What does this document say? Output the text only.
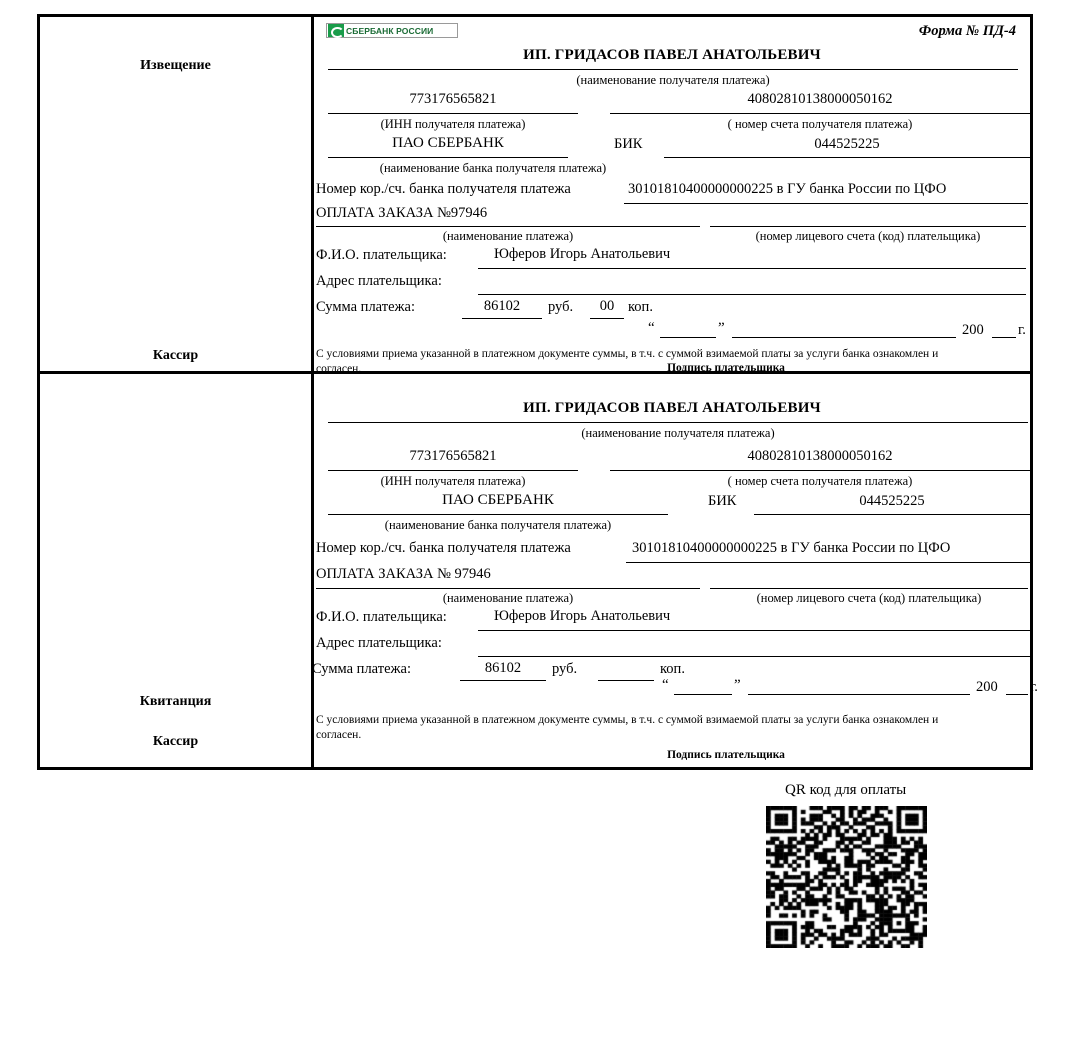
Извещение
Кассир
СБЕРБАНК РОССИИ	Форма № ПД-4
ИП. ГРИДАСОВ ПАВЕЛ АНАТОЛЬЕВИЧ
(наименование получателя платежа)
773176565821
(ИНН получателя платежа)
40802810138000050162
( номер счета получателя платежа)
ПАО СБЕРБАНК
(наименование банка получателя платежа)
БИК	044525225
Номер кор./сч. банка получателя платежа	30101810400000000225 в ГУ банка России по ЦФО
ОПЛАТА ЗАКАЗА №97946
(наименование платежа)	(номер лицевого счета (код) плательщика)
Ф.И.О. плательщика:	Юферов Игорь Анатольевич
Адрес плательщика:
Сумма платежа:	86102	руб.	00 коп.
“	”	200 г.
С условиями приема указанной в платежном документе суммы, в т.ч. с суммой взимаемой платы за услуги банка ознакомлен и согласен.	Подпись плательщика
Квитанция
Кассир
ИП. ГРИДАСОВ ПАВЕЛ АНАТОЛЬЕВИЧ
(наименование получателя платежа)
773176565821
(ИНН получателя платежа)
40802810138000050162
( номер счета получателя платежа)
ПАО СБЕРБАНК
(наименование банка получателя платежа)
БИК	044525225
Номер кор./сч. банка получателя платежа	30101810400000000225 в ГУ банка России по ЦФО
ОПЛАТА ЗАКАЗА № 97946
(наименование платежа)	(номер лицевого счета (код) плательщика)
Ф.И.О. плательщика:	Юферов Игорь Анатольевич
Адрес плательщика:
Сумма платежа:	86102	руб.	коп.
“	”	200 г.
С условиями приема указанной в платежном документе суммы, в т.ч. с суммой взимаемой платы за услуги банка ознакомлен и согласен.
Подпись плательщика
QR код для оплаты
